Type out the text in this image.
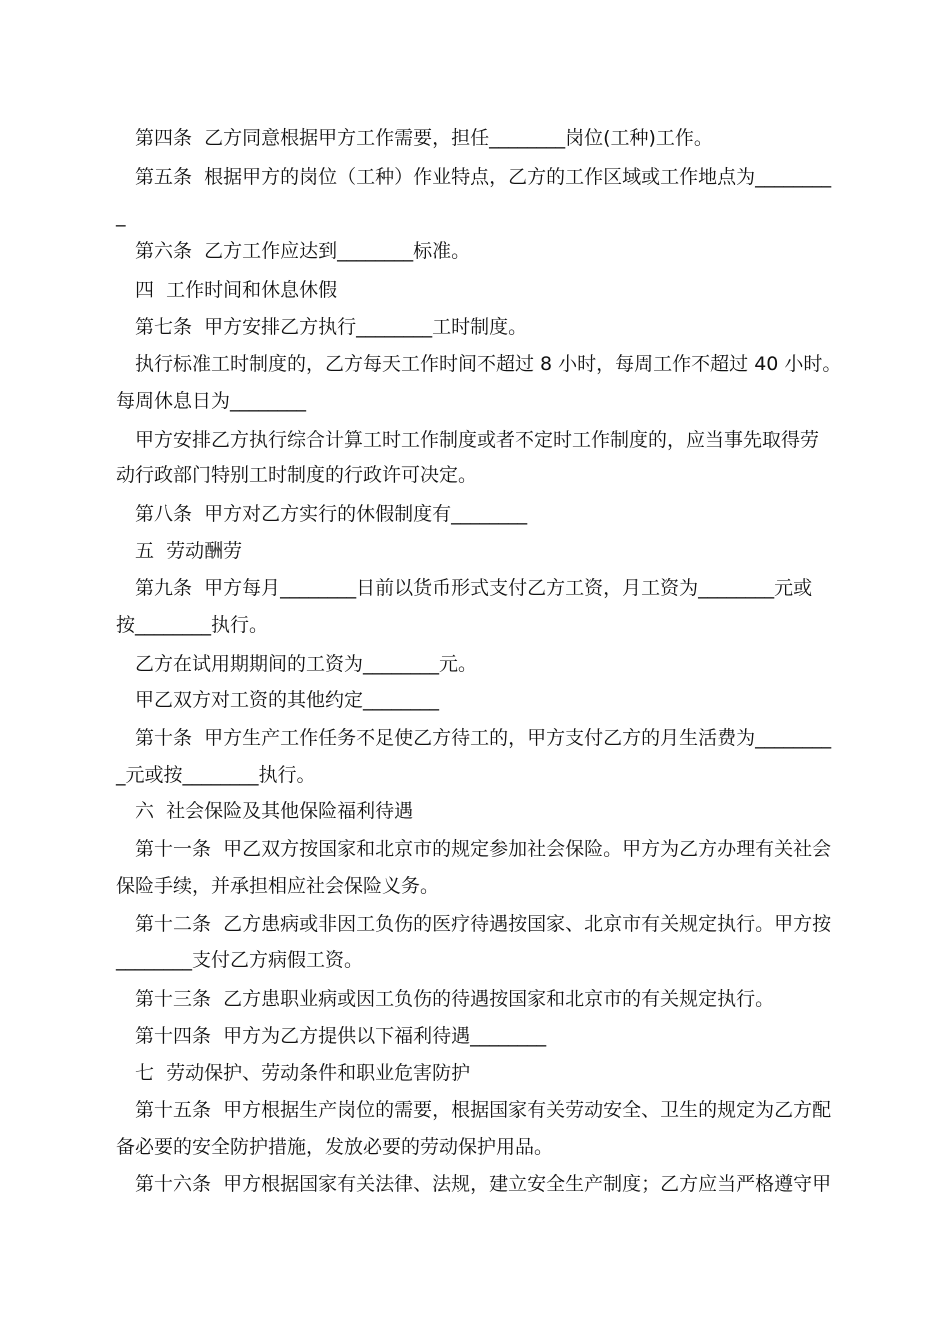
第四条  乙方同意根据甲方工作需要，担任________岗位(工种)工作。

第五条  根据甲方的岗位（工种）作业特点，乙方的工作区域或工作地点为________

_

第六条  乙方工作应达到________标准。

四  工作时间和休息休假

第七条  甲方安排乙方执行________工时制度。

执行标准工时制度的，乙方每天工作时间不超过 8 小时，每周工作不超过 40 小时。

每周休息日为________

甲方安排乙方执行综合计算工时工作制度或者不定时工作制度的，应当事先取得劳

动行政部门特别工时制度的行政许可决定。

第八条  甲方对乙方实行的休假制度有________

五  劳动酬劳

第九条  甲方每月________日前以货币形式支付乙方工资，月工资为________元或

按________执行。

乙方在试用期期间的工资为________元。

甲乙双方对工资的其他约定________

第十条  甲方生产工作任务不足使乙方待工的，甲方支付乙方的月生活费为________

_元或按________执行。

六  社会保险及其他保险福利待遇

第十一条  甲乙双方按国家和北京市的规定参加社会保险。甲方为乙方办理有关社会

保险手续，并承担相应社会保险义务。

第十二条  乙方患病或非因工负伤的医疗待遇按国家、北京市有关规定执行。甲方按

________支付乙方病假工资。

第十三条  乙方患职业病或因工负伤的待遇按国家和北京市的有关规定执行。

第十四条  甲方为乙方提供以下福利待遇________

七  劳动保护、劳动条件和职业危害防护

第十五条  甲方根据生产岗位的需要，根据国家有关劳动安全、卫生的规定为乙方配

备必要的安全防护措施，发放必要的劳动保护用品。

第十六条  甲方根据国家有关法律、法规，建立安全生产制度；乙方应当严格遵守甲
